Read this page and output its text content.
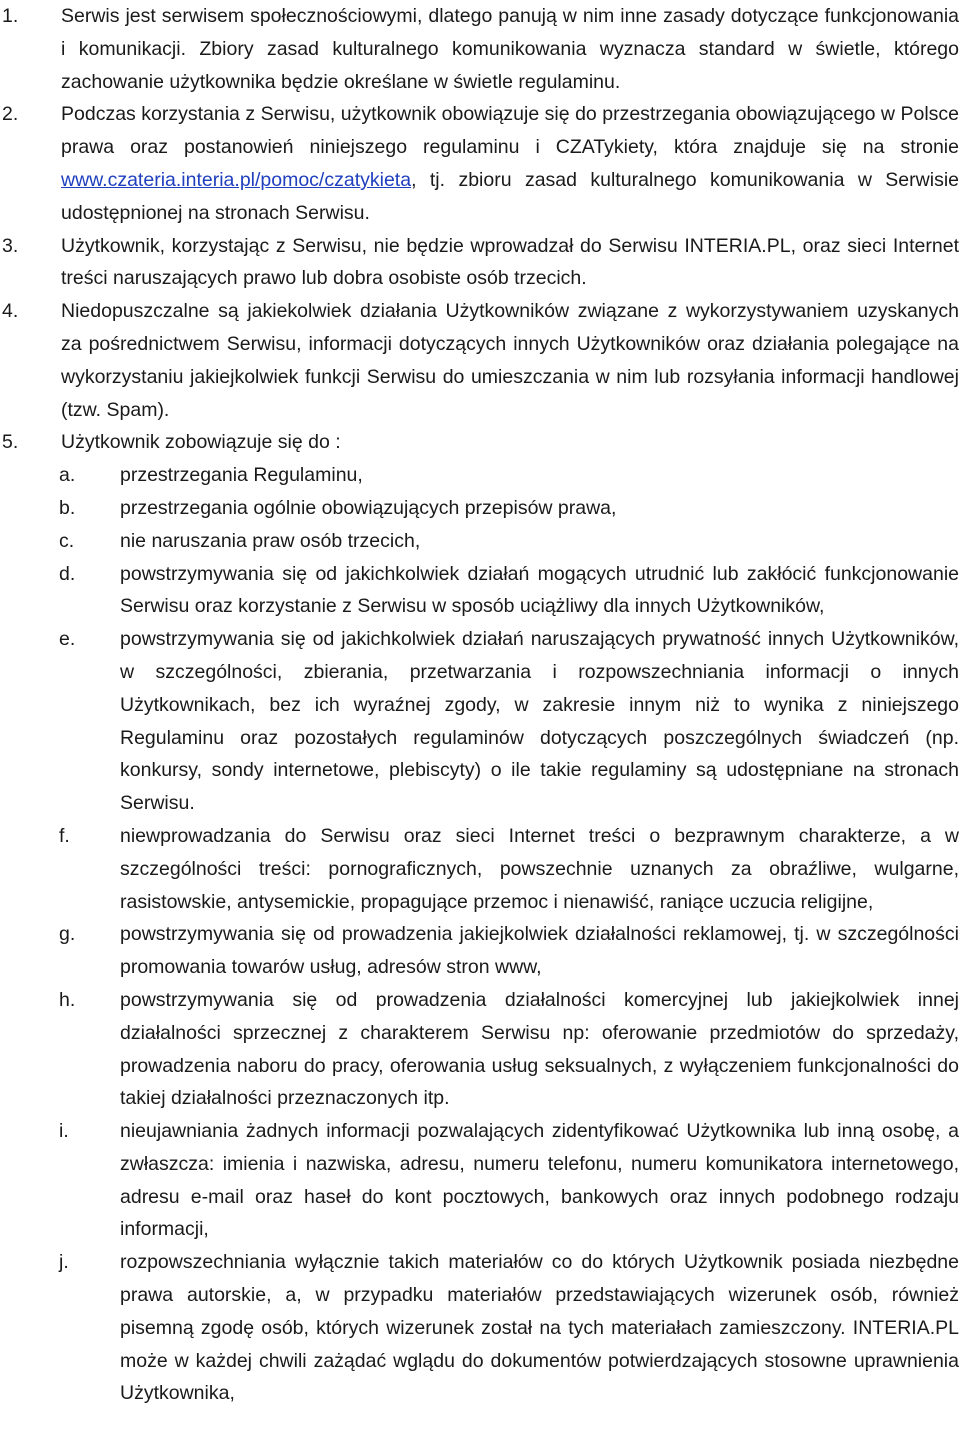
1.	Serwis jest serwisem społecznościowymi, dlatego panują w nim inne zasady dotyczące funkcjonowania i komunikacji. Zbiory zasad kulturalnego komunikowania wyznacza standard w świetle, którego zachowanie użytkownika będzie określane w świetle regulaminu.

2.	Podczas korzystania z Serwisu, użytkownik obowiązuje się do przestrzegania obowiązującego w Polsce prawa oraz postanowień niniejszego regulaminu i CZATykiety, która znajduje się na stronie www.czateria.interia.pl/pomoc/czatykieta, tj. zbioru zasad kulturalnego komunikowania w Serwisie udostępnionej na stronach Serwisu.

3.	Użytkownik, korzystając z Serwisu, nie będzie wprowadzał do Serwisu INTERIA.PL, oraz sieci Internet treści naruszających prawo lub dobra osobiste osób trzecich.

4.	Niedopuszczalne są jakiekolwiek działania Użytkowników związane z wykorzystywaniem uzyskanych za pośrednictwem Serwisu, informacji dotyczących innych Użytkowników oraz działania polegające na wykorzystaniu jakiejkolwiek funkcji Serwisu do umieszczania w nim lub rozsyłania informacji handlowej (tzw. Spam).

5.	Użytkownik zobowiązuje się do :

a.	przestrzegania Regulaminu,
b.	przestrzegania ogólnie obowiązujących przepisów prawa,
c.	nie naruszania praw osób trzecich,
d.	powstrzymywania się od jakichkolwiek działań mogących utrudnić lub zakłócić funkcjonowanie Serwisu oraz korzystanie z Serwisu w sposób uciążliwy dla innych Użytkowników,
e.	powstrzymywania się od jakichkolwiek działań naruszających prywatność innych Użytkowników, w szczególności, zbierania, przetwarzania i rozpowszechniania informacji o innych Użytkownikach, bez ich wyraźnej zgody, w zakresie innym niż to wynika z niniejszego Regulaminu oraz pozostałych regulaminów dotyczących poszczególnych świadczeń (np. konkursy, sondy internetowe, plebiscyty) o ile takie regulaminy są udostępniane na stronach Serwisu.
f.	niewprowadzania do Serwisu oraz sieci Internet treści o bezprawnym charakterze, a w szczególności treści: pornograficznych, powszechnie uznanych za obraźliwe, wulgarne, rasistowskie, antysemickie, propagujące przemoc i nienawiść, raniące uczucia religijne,
g.	powstrzymywania się od prowadzenia jakiejkolwiek działalności reklamowej, tj. w szczególności promowania towarów usług, adresów stron www,
h.	powstrzymywania się od prowadzenia działalności komercyjnej lub jakiejkolwiek innej działalności sprzecznej z charakterem Serwisu np: oferowanie przedmiotów do sprzedaży, prowadzenia naboru do pracy, oferowania usług seksualnych, z wyłączeniem funkcjonalności do takiej działalności przeznaczonych itp.
i.	nieujawniania żadnych informacji pozwalających zidentyfikować Użytkownika lub inną osobę, a zwłaszcza: imienia i nazwiska, adresu, numeru telefonu, numeru komunikatora internetowego, adresu e-mail oraz haseł do kont pocztowych, bankowych oraz innych podobnego rodzaju informacji,
j.	rozpowszechniania wyłącznie takich materiałów co do których Użytkownik posiada niezbędne prawa autorskie, a, w przypadku materiałów przedstawiających wizerunek osób, również pisemną zgodę osób, których wizerunek został na tych materiałach zamieszczony. INTERIA.PL może w każdej chwili zażądać wglądu do dokumentów potwierdzających stosowne uprawnienia Użytkownika,
